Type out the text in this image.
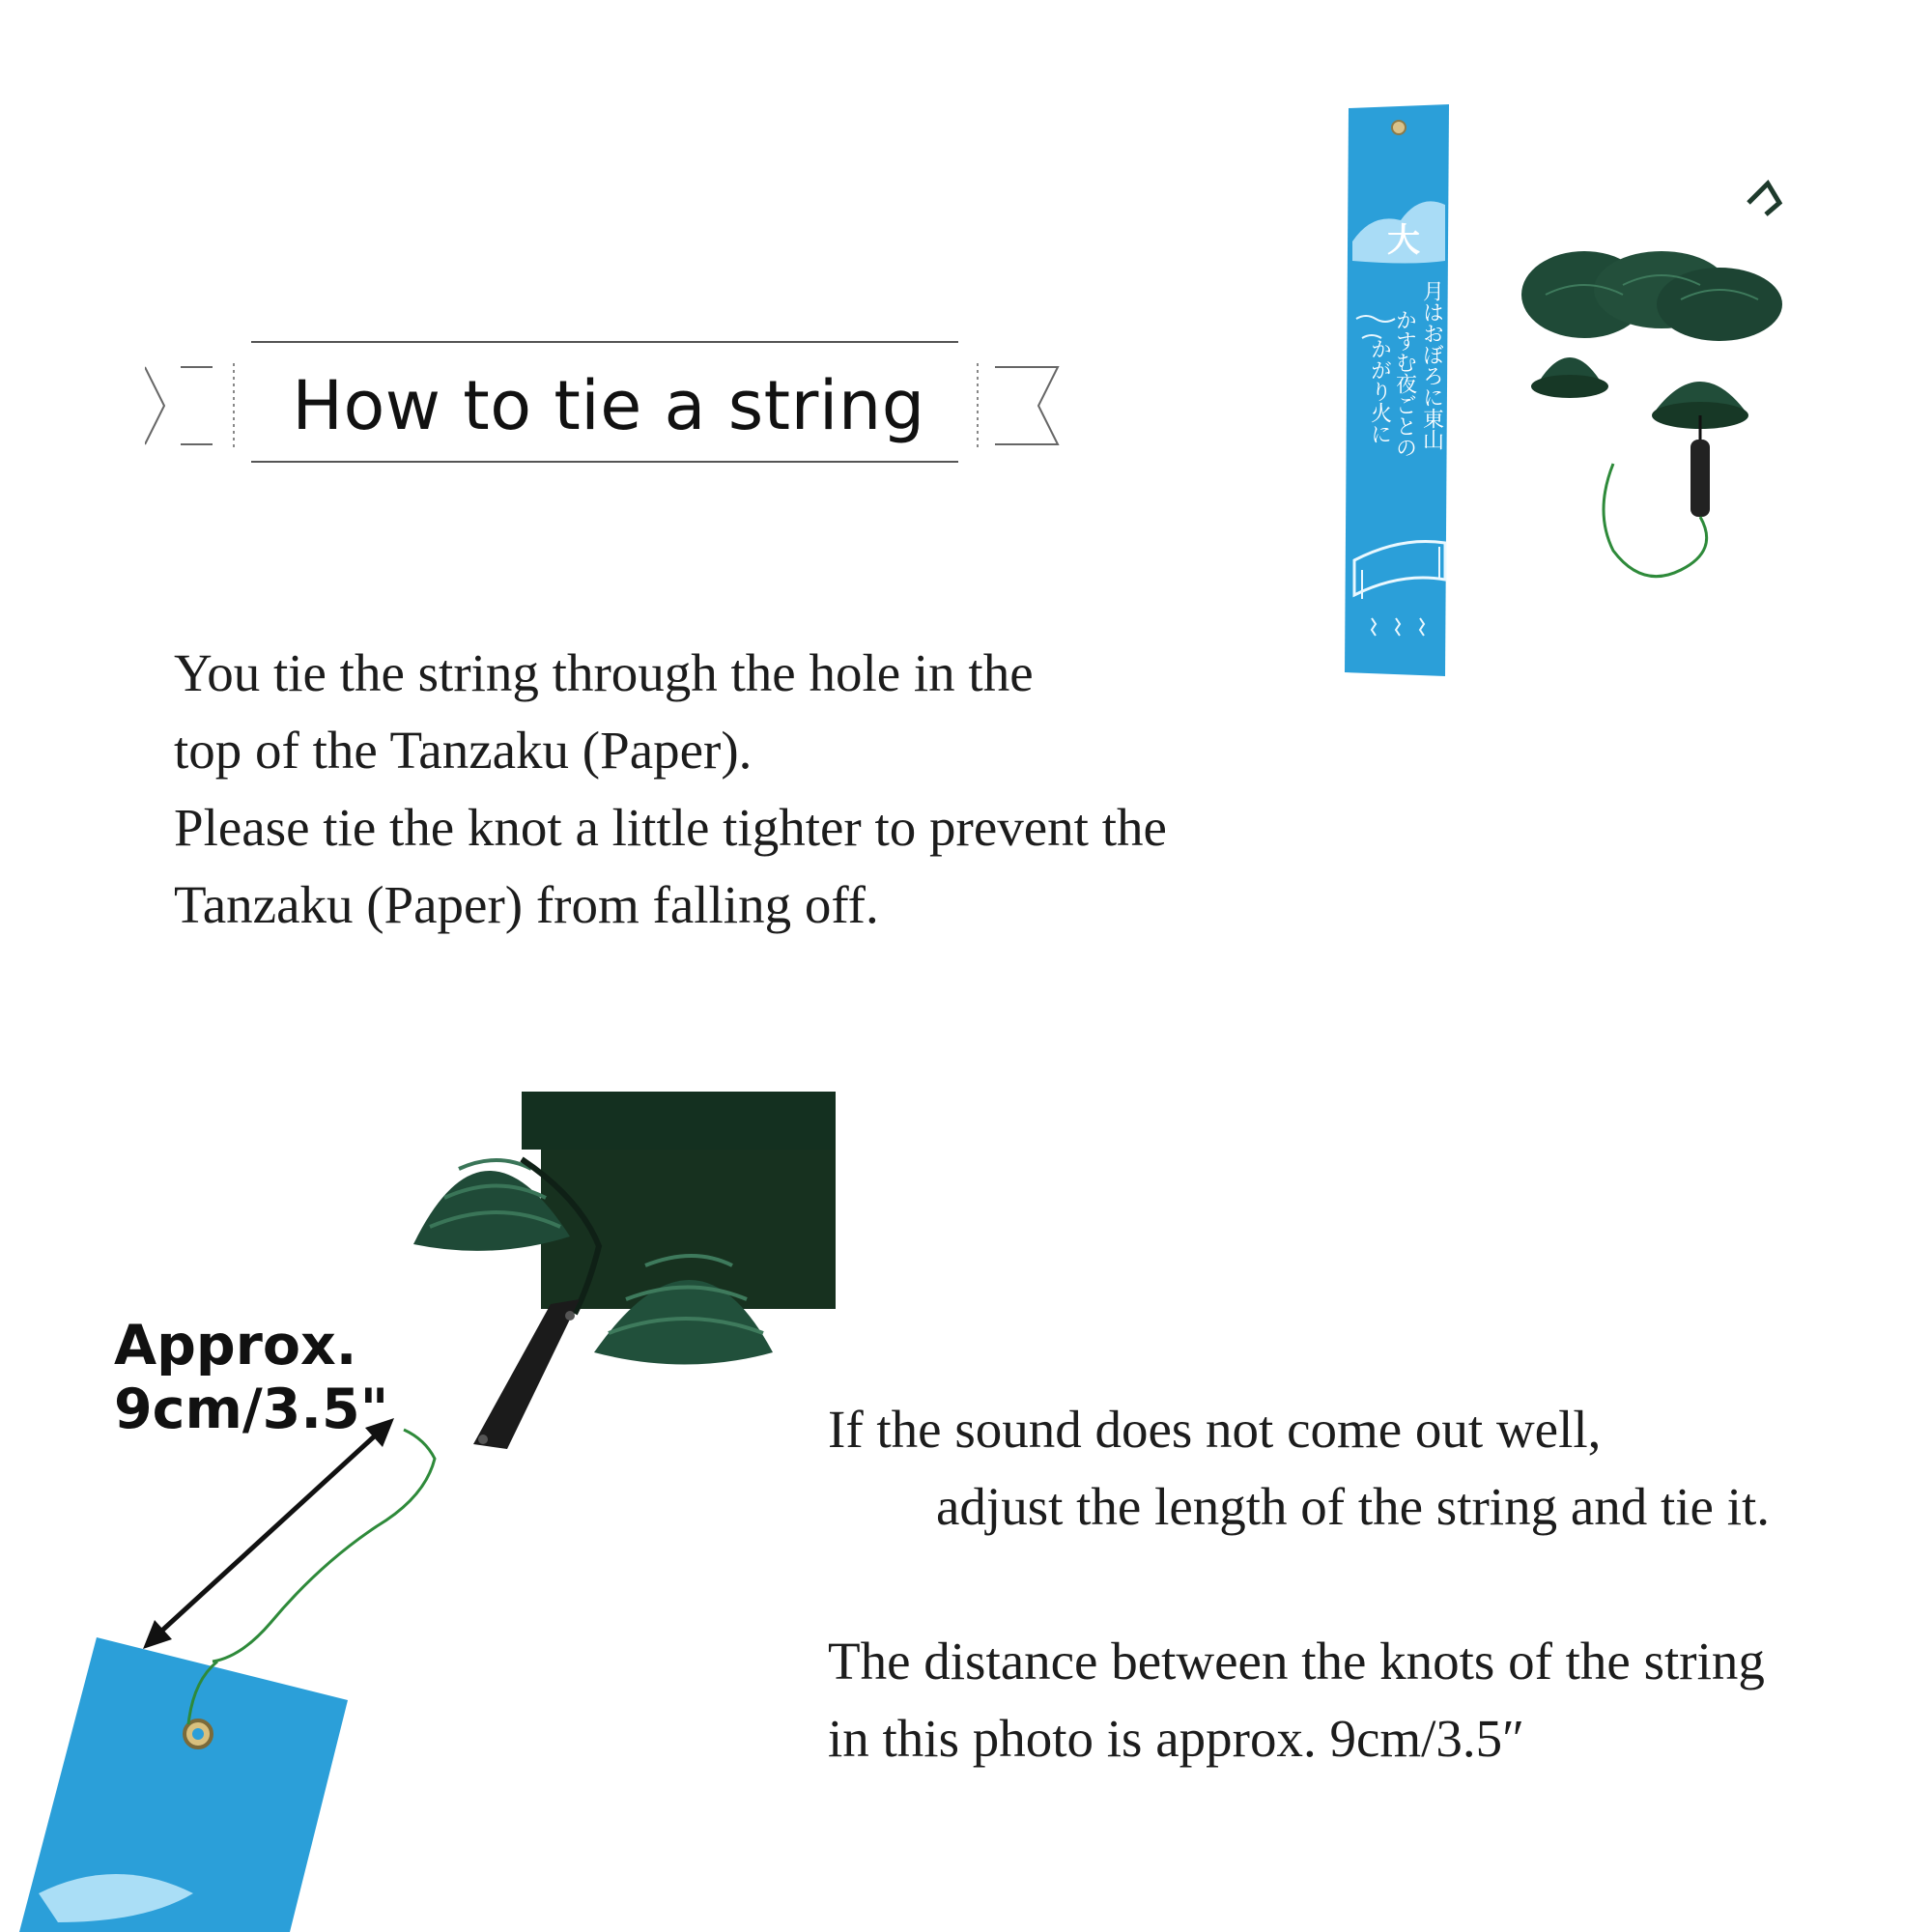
How to tie a string
You tie the string through the hole in the
top of the Tanzaku (Paper).
Please tie the knot a little tighter to prevent the
Tanzaku (Paper) from falling off.
大
月はおぼろに東山
かすむ夜ごとの
かがり火に
Approx.
9cm/3.5"	If the sound does not come out well,
adjust the length of the string and tie it.
The distance between the knots of the string
in this photo is approx. 9cm/3.5″
